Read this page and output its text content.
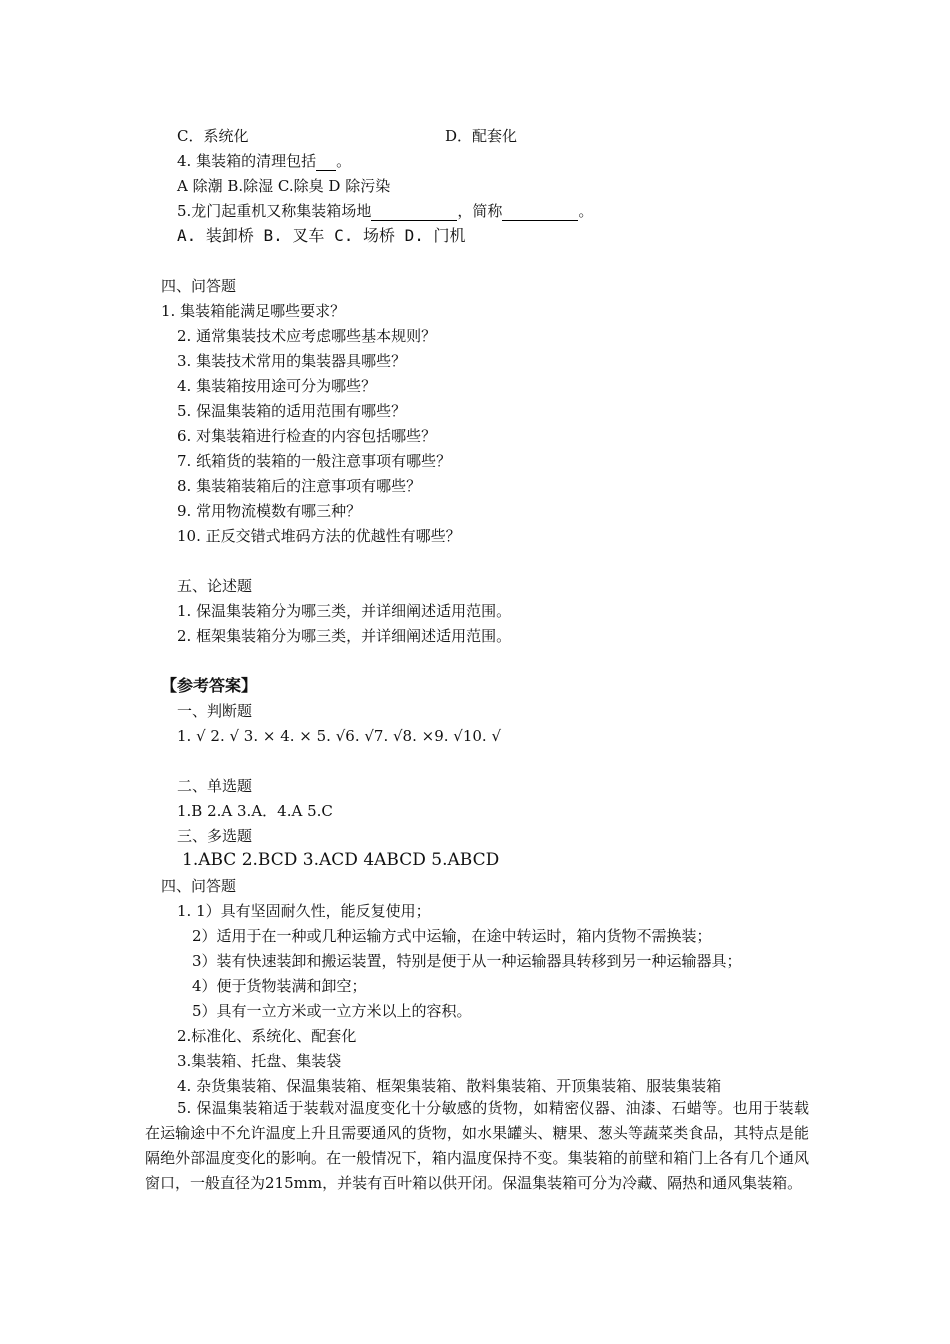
C．系统化	D．配套化
4. 集装箱的清理包括 。
A 除潮 B.除湿 C.除臭 D 除污染
5.龙门起重机又称集装箱场地	，简称	。
A. 装卸桥 B. 叉车 C. 场桥 D. 门机
四、问答题
1. 集装箱能满足哪些要求？
2. 通常集装技术应考虑哪些基本规则？
3. 集装技术常用的集装器具哪些？
4. 集装箱按用途可分为哪些？
5. 保温集装箱的适用范围有哪些？
6. 对集装箱进行检查的内容包括哪些？
7. 纸箱货的装箱的一般注意事项有哪些？
8. 集装箱装箱后的注意事项有哪些？
9. 常用物流模数有哪三种？
10. 正反交错式堆码方法的优越性有哪些？
五、论述题
1. 保温集装箱分为哪三类，并详细阐述适用范围。
2. 框架集装箱分为哪三类，并详细阐述适用范围。
【参考答案】
一、判断题
1. √ 2. √ 3. × 4. × 5. √6. √7. √8. ×9. √10. √
二、单选题
1.B 2.A 3.A．4.A 5.C
三、多选题
1.ABC 2.BCD 3.ACD 4ABCD 5.ABCD
四、问答题
1. 1）具有坚固耐久性，能反复使用；
2）适用于在一种或几种运输方式中运输，在途中转运时，箱内货物不需换装；
3）装有快速装卸和搬运装置，特别是便于从一种运输器具转移到另一种运输器具；
4）便于货物装满和卸空；
5）具有一立方米或一立方米以上的容积。
2.标准化、系统化、配套化
3.集装箱、托盘、集装袋
4. 杂货集装箱、保温集装箱、框架集装箱、散料集装箱、开顶集装箱、服装集装箱
5. 保温集装箱适于装载对温度变化十分敏感的货物，如精密仪器、油漆、石蜡等。也用于装载在运输途中不允许温度上升且需要通风的货物，如水果罐头、糖果、葱头等蔬菜类食品，其特点是能隔绝外部温度变化的影响。在一般情况下，箱内温度保持不变。集装箱的前壁和箱门上各有几个通风窗口，一般直径为215mm，并装有百叶箱以供开闭。保温集装箱可分为冷藏、隔热和通风集装箱。
